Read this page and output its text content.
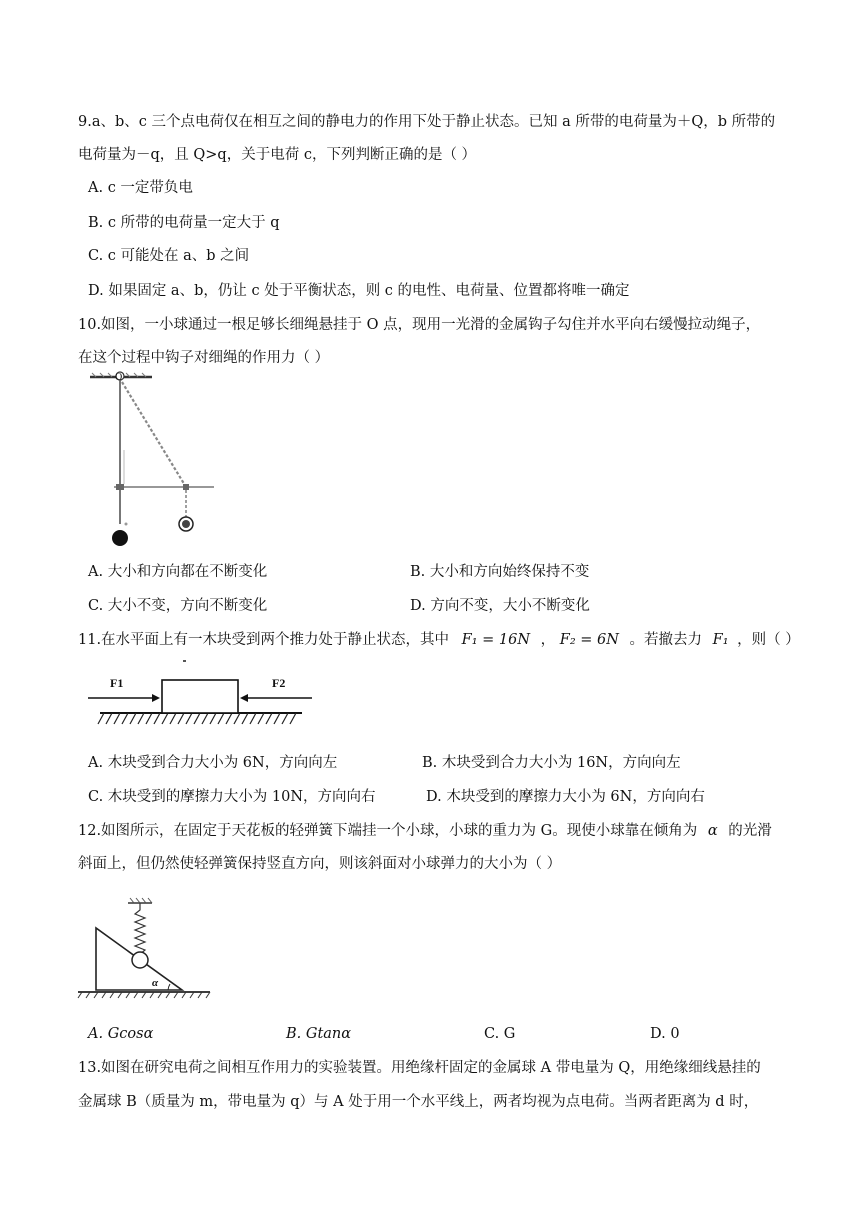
9.a、b、c 三个点电荷仅在相互之间的静电力的作用下处于静止状态。已知 a 所带的电荷量为＋Q，b 所带的
电荷量为－q，且 Q>q，关于电荷 c，下列判断正确的是（ ）
A. c 一定带负电
B. c 所带的电荷量一定大于 q
C. c 可能处在 a、b 之间
D. 如果固定 a、b，仍让 c 处于平衡状态，则 c 的电性、电荷量、位置都将唯一确定
10.如图，一小球通过一根足够长细绳悬挂于 O 点，现用一光滑的金属钩子勾住并水平向右缓慢拉动绳子，
在这个过程中钩子对细绳的作用力（ ）
O
A. 大小和方向都在不断变化	B. 大小和方向始终保持不变
C. 大小不变，方向不断变化	D. 方向不变，大小不断变化
11.在水平面上有一木块受到两个推力处于静止状态，其中 F₁ = 16N ， F₂ = 6N 。若撤去力 F₁ ，则（ ）
F1	F2
A. 木块受到合力大小为 6N，方向向左	B. 木块受到合力大小为 16N，方向向左
C. 木块受到的摩擦力大小为 10N，方向向右	D. 木块受到的摩擦力大小为 6N，方向向右
12.如图所示，在固定于天花板的轻弹簧下端挂一个小球，小球的重力为 G。现使小球靠在倾角为 α 的光滑
斜面上，但仍然使轻弹簧保持竖直方向，则该斜面对小球弹力的大小为（ ）
α
A. Gcosα	B. Gtanα	C. G	D. 0
13.如图在研究电荷之间相互作用力的实验装置。用绝缘杆固定的金属球 A 带电量为 Q，用绝缘细线悬挂的
金属球 B（质量为 m，带电量为 q）与 A 处于用一个水平线上，两者均视为点电荷。当两者距离为 d 时，
